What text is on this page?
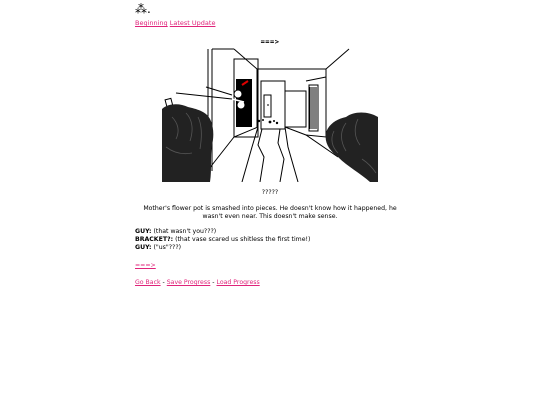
⁂.
Beginning Latest Update
===>
?????
Mother's flower pot is smashed into pieces. He doesn't know how it happened, he wasn't even near. This doesn't make sense.
GUY: (that wasn't you???)
BRACKET?: (that vase scared us shitless the first time!)
GUY: ("us"???)
===>
Go Back - Save Progress - Load Progress
